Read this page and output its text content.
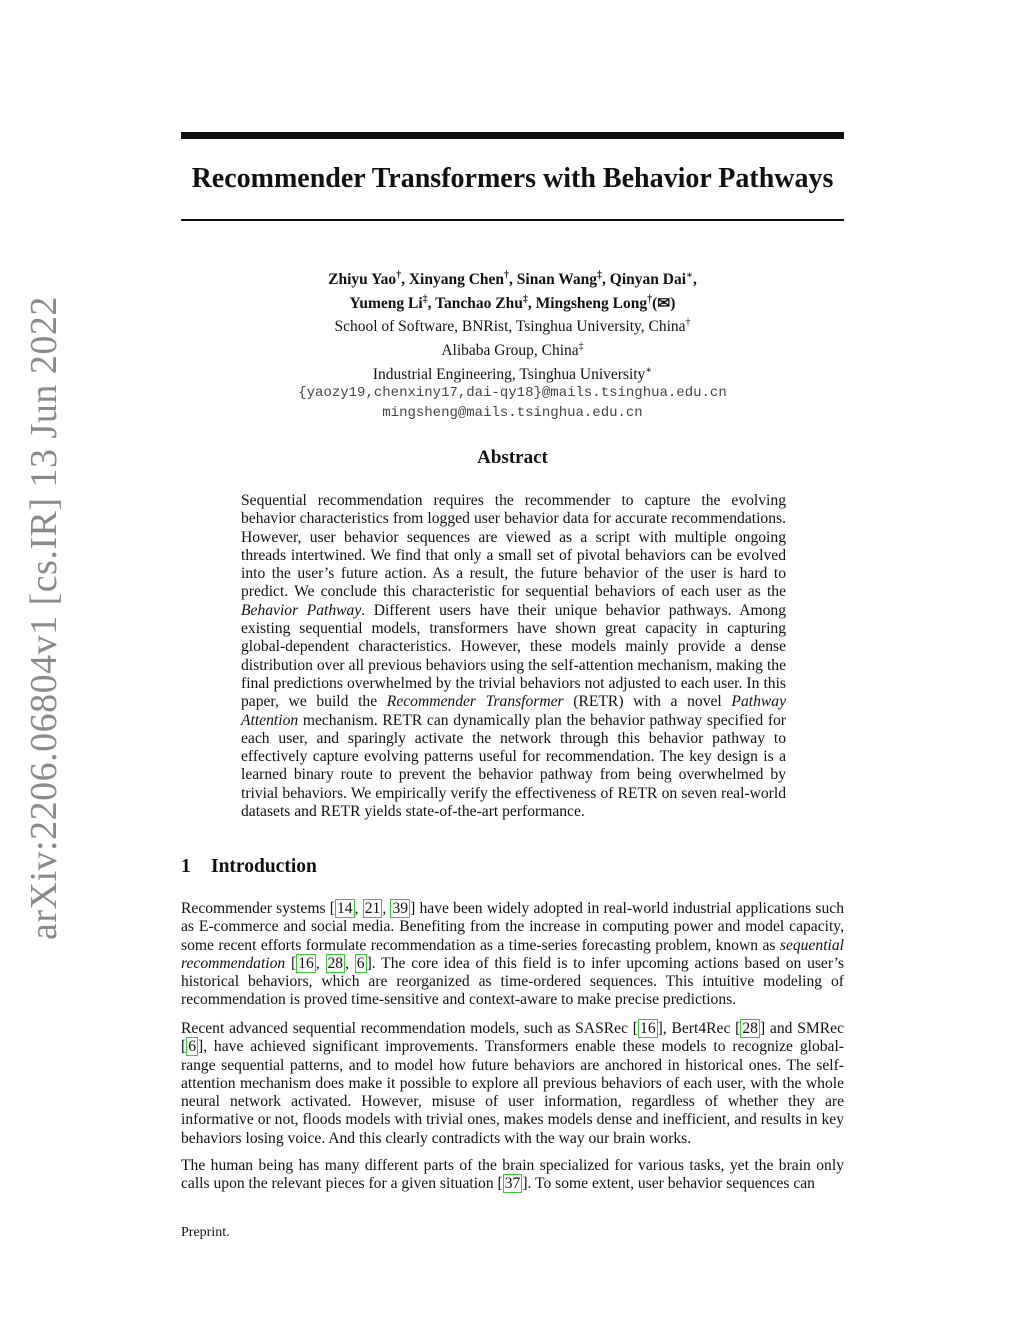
arXiv:2206.06804v1 [cs.IR] 13 Jun 2022
Recommender Transformers with Behavior Pathways
Zhiyu Yao†, Xinyang Chen†, Sinan Wang‡, Qinyan Dai∗,
Yumeng Li‡, Tanchao Zhu‡, Mingsheng Long†(✉)
School of Software, BNRist, Tsinghua University, China†
Alibaba Group, China‡
Industrial Engineering, Tsinghua University∗
{yaozy19,chenxiny17,dai-qy18}@mails.tsinghua.edu.cn
mingsheng@mails.tsinghua.edu.cn
Abstract
Sequential recommendation requires the recommender to capture the evolving behavior characteristics from logged user behavior data for accurate recommendations. However, user behavior sequences are viewed as a script with multiple ongoing threads intertwined. We find that only a small set of pivotal behaviors can be evolved into the user’s future action. As a result, the future behavior of the user is hard to predict. We conclude this characteristic for sequential behaviors of each user as the Behavior Pathway. Different users have their unique behavior pathways. Among existing sequential models, transformers have shown great capacity in capturing global-dependent characteristics. However, these models mainly provide a dense distribution over all previous behaviors using the self-attention mechanism, making the final predictions overwhelmed by the trivial behaviors not adjusted to each user. In this paper, we build the Recommender Transformer (RETR) with a novel Pathway Attention mechanism. RETR can dynamically plan the behavior pathway specified for each user, and sparingly activate the network through this behavior pathway to effectively capture evolving patterns useful for recommendation. The key design is a learned binary route to prevent the behavior pathway from being overwhelmed by trivial behaviors. We empirically verify the effectiveness of RETR on seven real-world datasets and RETR yields state-of-the-art performance.
1 Introduction
Recommender systems [ 14 , 21 , 39 ] have been widely adopted in real-world industrial applications such as E-commerce and social media. Benefiting from the increase in computing power and model capacity, some recent efforts formulate recommendation as a time-series forecasting problem, known as sequential recommendation [ 16 , 28 , 6 ]. The core idea of this field is to infer upcoming actions based on user’s historical behaviors, which are reorganized as time-ordered sequences. This intuitive modeling of recommendation is proved time-sensitive and context-aware to make precise predictions.
Recent advanced sequential recommendation models, such as SASRec [ 16 ], Bert4Rec [ 28 ] and SMRec [ 6 ], have achieved significant improvements. Transformers enable these models to recognize global-range sequential patterns, and to model how future behaviors are anchored in historical ones. The self-attention mechanism does make it possible to explore all previous behaviors of each user, with the whole neural network activated. However, misuse of user information, regardless of whether they are informative or not, floods models with trivial ones, makes models dense and inefficient, and results in key behaviors losing voice. And this clearly contradicts with the way our brain works.
The human being has many different parts of the brain specialized for various tasks, yet the brain only calls upon the relevant pieces for a given situation [ 37 ]. To some extent, user behavior sequences can
Preprint.
